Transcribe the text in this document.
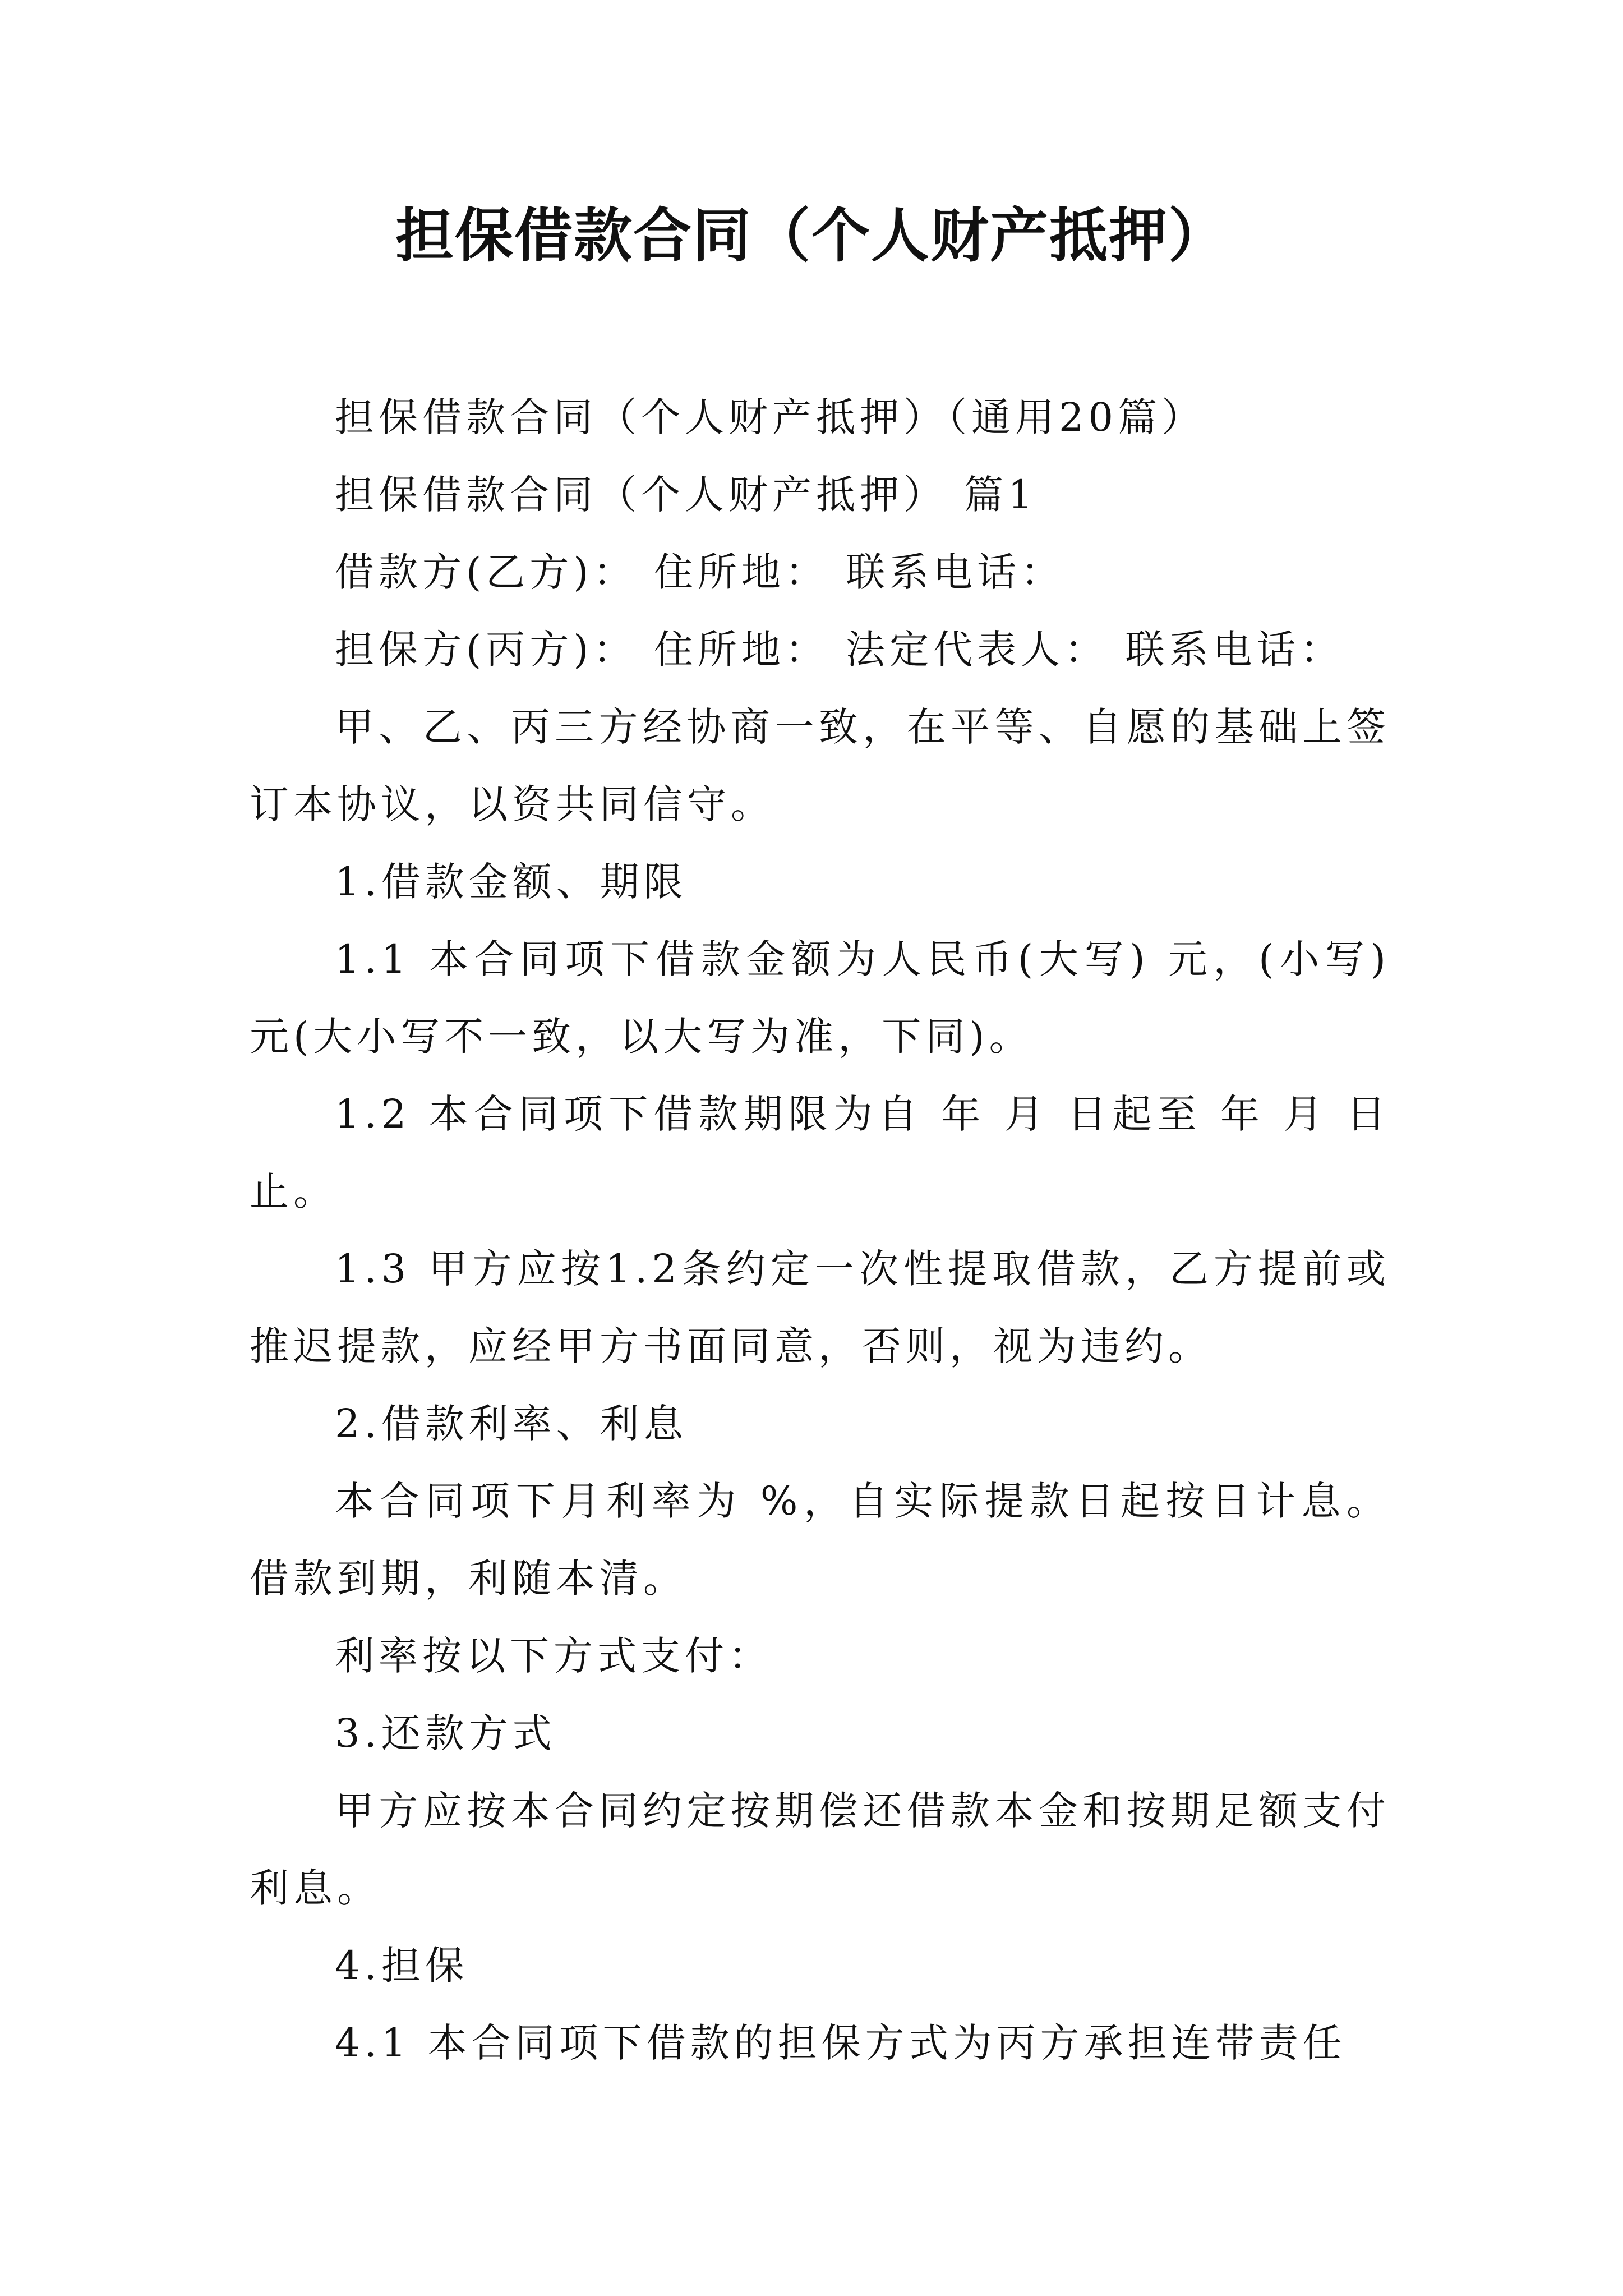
担保借款合同（个人财产抵押）

担保借款合同（个人财产抵押）（通用20篇）

担保借款合同（个人财产抵押） 篇1

借款方(乙方)： 住所地： 联系电话：

担保方(丙方)： 住所地： 法定代表人： 联系电话：

甲、乙、丙三方经协商一致，在平等、自愿的基础上签订本协议，以资共同信守。

1.借款金额、期限

1.1 本合同项下借款金额为人民币(大写) 元，(小写) 元(大小写不一致，以大写为准，下同)。

1.2 本合同项下借款期限为自 年 月 日起至 年 月 日止。

1.3 甲方应按1.2条约定一次性提取借款，乙方提前或推迟提款，应经甲方书面同意，否则，视为违约。

2.借款利率、利息

本合同项下月利率为 %，自实际提款日起按日计息。借款到期，利随本清。

利率按以下方式支付：

3.还款方式

甲方应按本合同约定按期偿还借款本金和按期足额支付利息。

4.担保

4.1 本合同项下借款的担保方式为丙方承担连带责任
